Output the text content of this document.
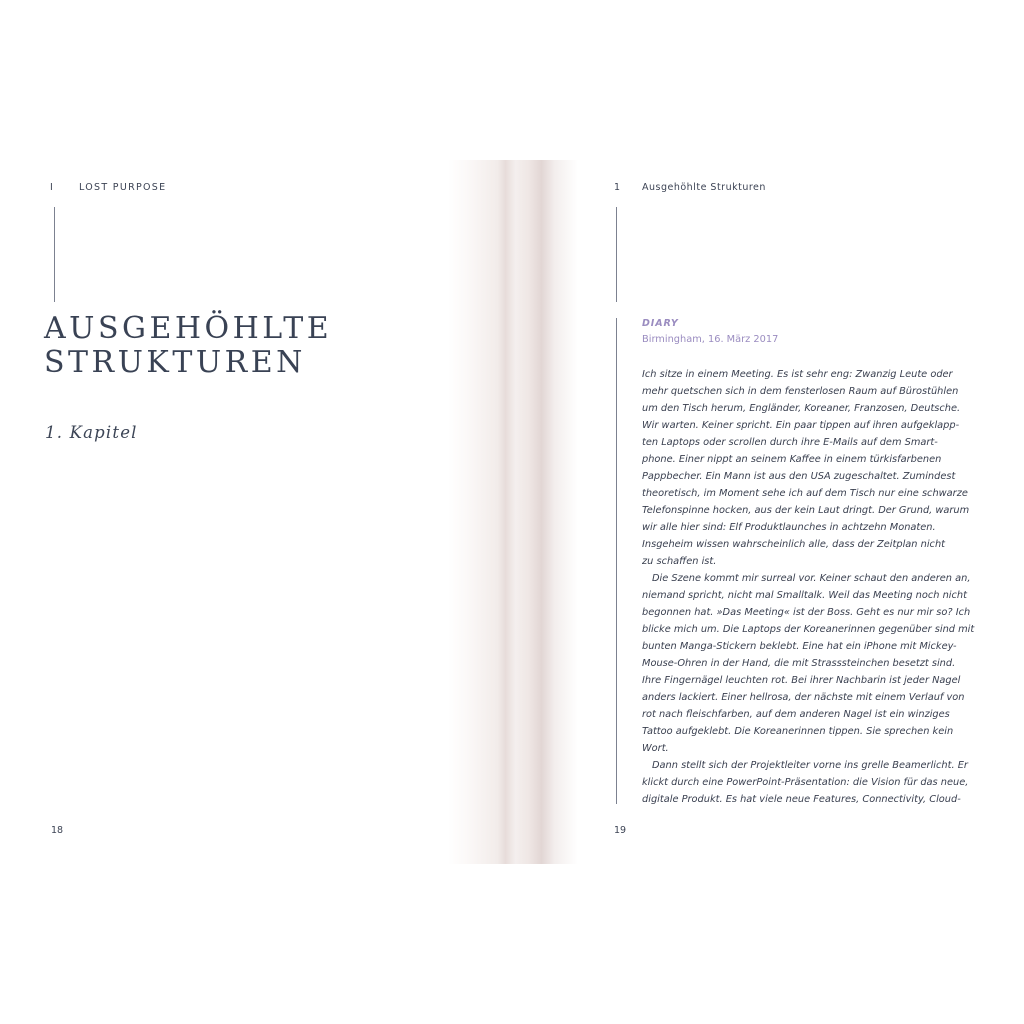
I	LOST PURPOSE
AUSGEHÖHLTE
STRUKTUREN
1. Kapitel
18
1 Ausgehöhlte Strukturen
DIARY
Birmingham, 16. März 2017
Ich sitze in einem Meeting. Es ist sehr eng: Zwanzig Leute oder
mehr quetschen sich in dem fensterlosen Raum auf Bürostühlen
um den Tisch herum, Engländer, Koreaner, Franzosen, Deutsche.
Wir warten. Keiner spricht. Ein paar tippen auf ihren aufgeklapp-
ten Laptops oder scrollen durch ihre E-Mails auf dem Smart-
phone. Einer nippt an seinem Kaffee in einem türkisfarbenen
Pappbecher. Ein Mann ist aus den USA zugeschaltet. Zumindest
theoretisch, im Moment sehe ich auf dem Tisch nur eine schwarze
Telefonspinne hocken, aus der kein Laut dringt. Der Grund, warum
wir alle hier sind: Elf Produktlaunches in achtzehn Monaten.
Insgeheim wissen wahrscheinlich alle, dass der Zeitplan nicht
zu schaffen ist.
Die Szene kommt mir surreal vor. Keiner schaut den anderen an,
niemand spricht, nicht mal Smalltalk. Weil das Meeting noch nicht
begonnen hat. »Das Meeting« ist der Boss. Geht es nur mir so? Ich
blicke mich um. Die Laptops der Koreanerinnen gegenüber sind mit
bunten Manga-Stickern beklebt. Eine hat ein iPhone mit Mickey-
Mouse-Ohren in der Hand, die mit Strasssteinchen besetzt sind.
Ihre Fingernägel leuchten rot. Bei ihrer Nachbarin ist jeder Nagel
anders lackiert. Einer hellrosa, der nächste mit einem Verlauf von
rot nach fleischfarben, auf dem anderen Nagel ist ein winziges
Tattoo aufgeklebt. Die Koreanerinnen tippen. Sie sprechen kein
Wort.
Dann stellt sich der Projektleiter vorne ins grelle Beamerlicht. Er
klickt durch eine PowerPoint-Präsentation: die Vision für das neue,
digitale Produkt. Es hat viele neue Features, Connectivity, Cloud-
19
